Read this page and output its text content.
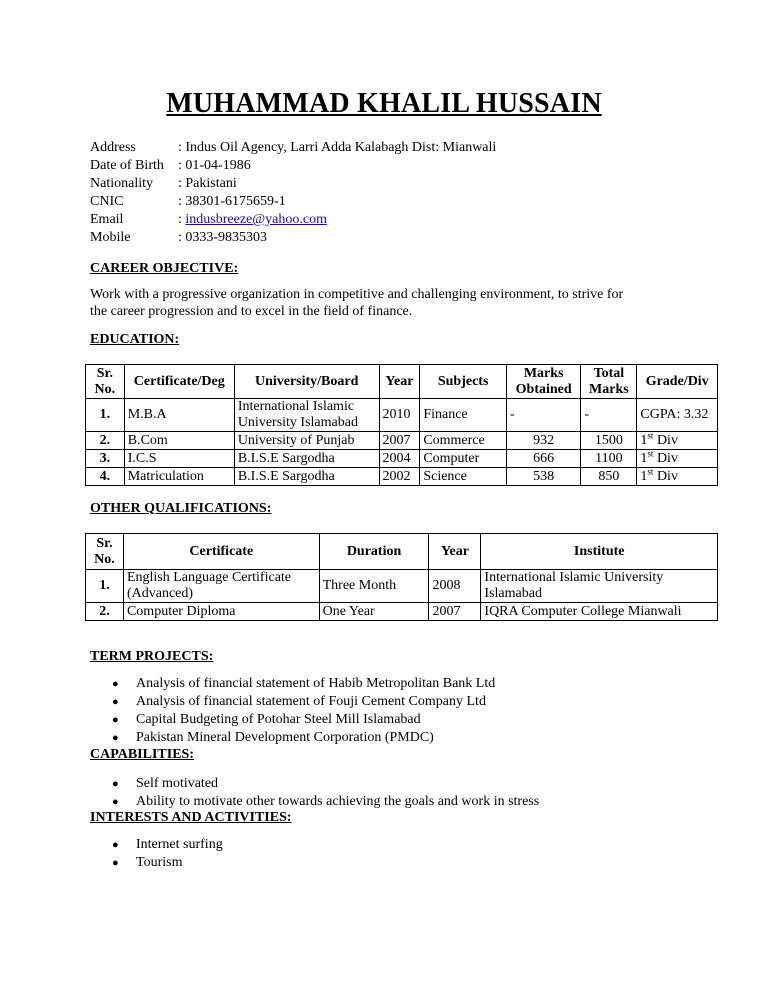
MUHAMMAD KHALIL HUSSAIN
Address	: Indus Oil Agency, Larri Adda Kalabagh Dist: Mianwali
Date of Birth : 01-04-1986
Nationality : Pakistani
CNIC	: 38301-6175659-1
Email	: indusbreeze@yahoo.com
Mobile	: 0333-9835303
CAREER OBJECTIVE:
Work with a progressive organization in competitive and challenging environment, to strive for
the career progression and to excel in the field of finance.
EDUCATION:
Sr. No.	Certificate/Deg	University/Board	Year	Subjects	Marks Obtained	Total Marks	Grade/Div
1.	M.B.A	International Islamic University Islamabad	2010	Finance	-	-	CGPA: 3.32
2.	B.Com	University of Punjab	2007	Commerce	932	1500	1st Div
3.	I.C.S	B.I.S.E Sargodha	2004	Computer	666	1100	1st Div
4.	Matriculation	B.I.S.E Sargodha	2002	Science	538	850	1st Div
OTHER QUALIFICATIONS:
Sr. No.	Certificate	Duration	Year	Institute
1.	English Language Certificate (Advanced)	Three Month	2008	International Islamic University Islamabad
2.	Computer Diploma	One Year	2007	IQRA Computer College Mianwali
TERM PROJECTS:
● Analysis of financial statement of Habib Metropolitan Bank Ltd
● Analysis of financial statement of Fouji Cement Company Ltd
● Capital Budgeting of Potohar Steel Mill Islamabad
● Pakistan Mineral Development Corporation (PMDC)
CAPABILITIES:
● Self motivated
● Ability to motivate other towards achieving the goals and work in stress
INTERESTS AND ACTIVITIES:
● Internet surfing
● Tourism
